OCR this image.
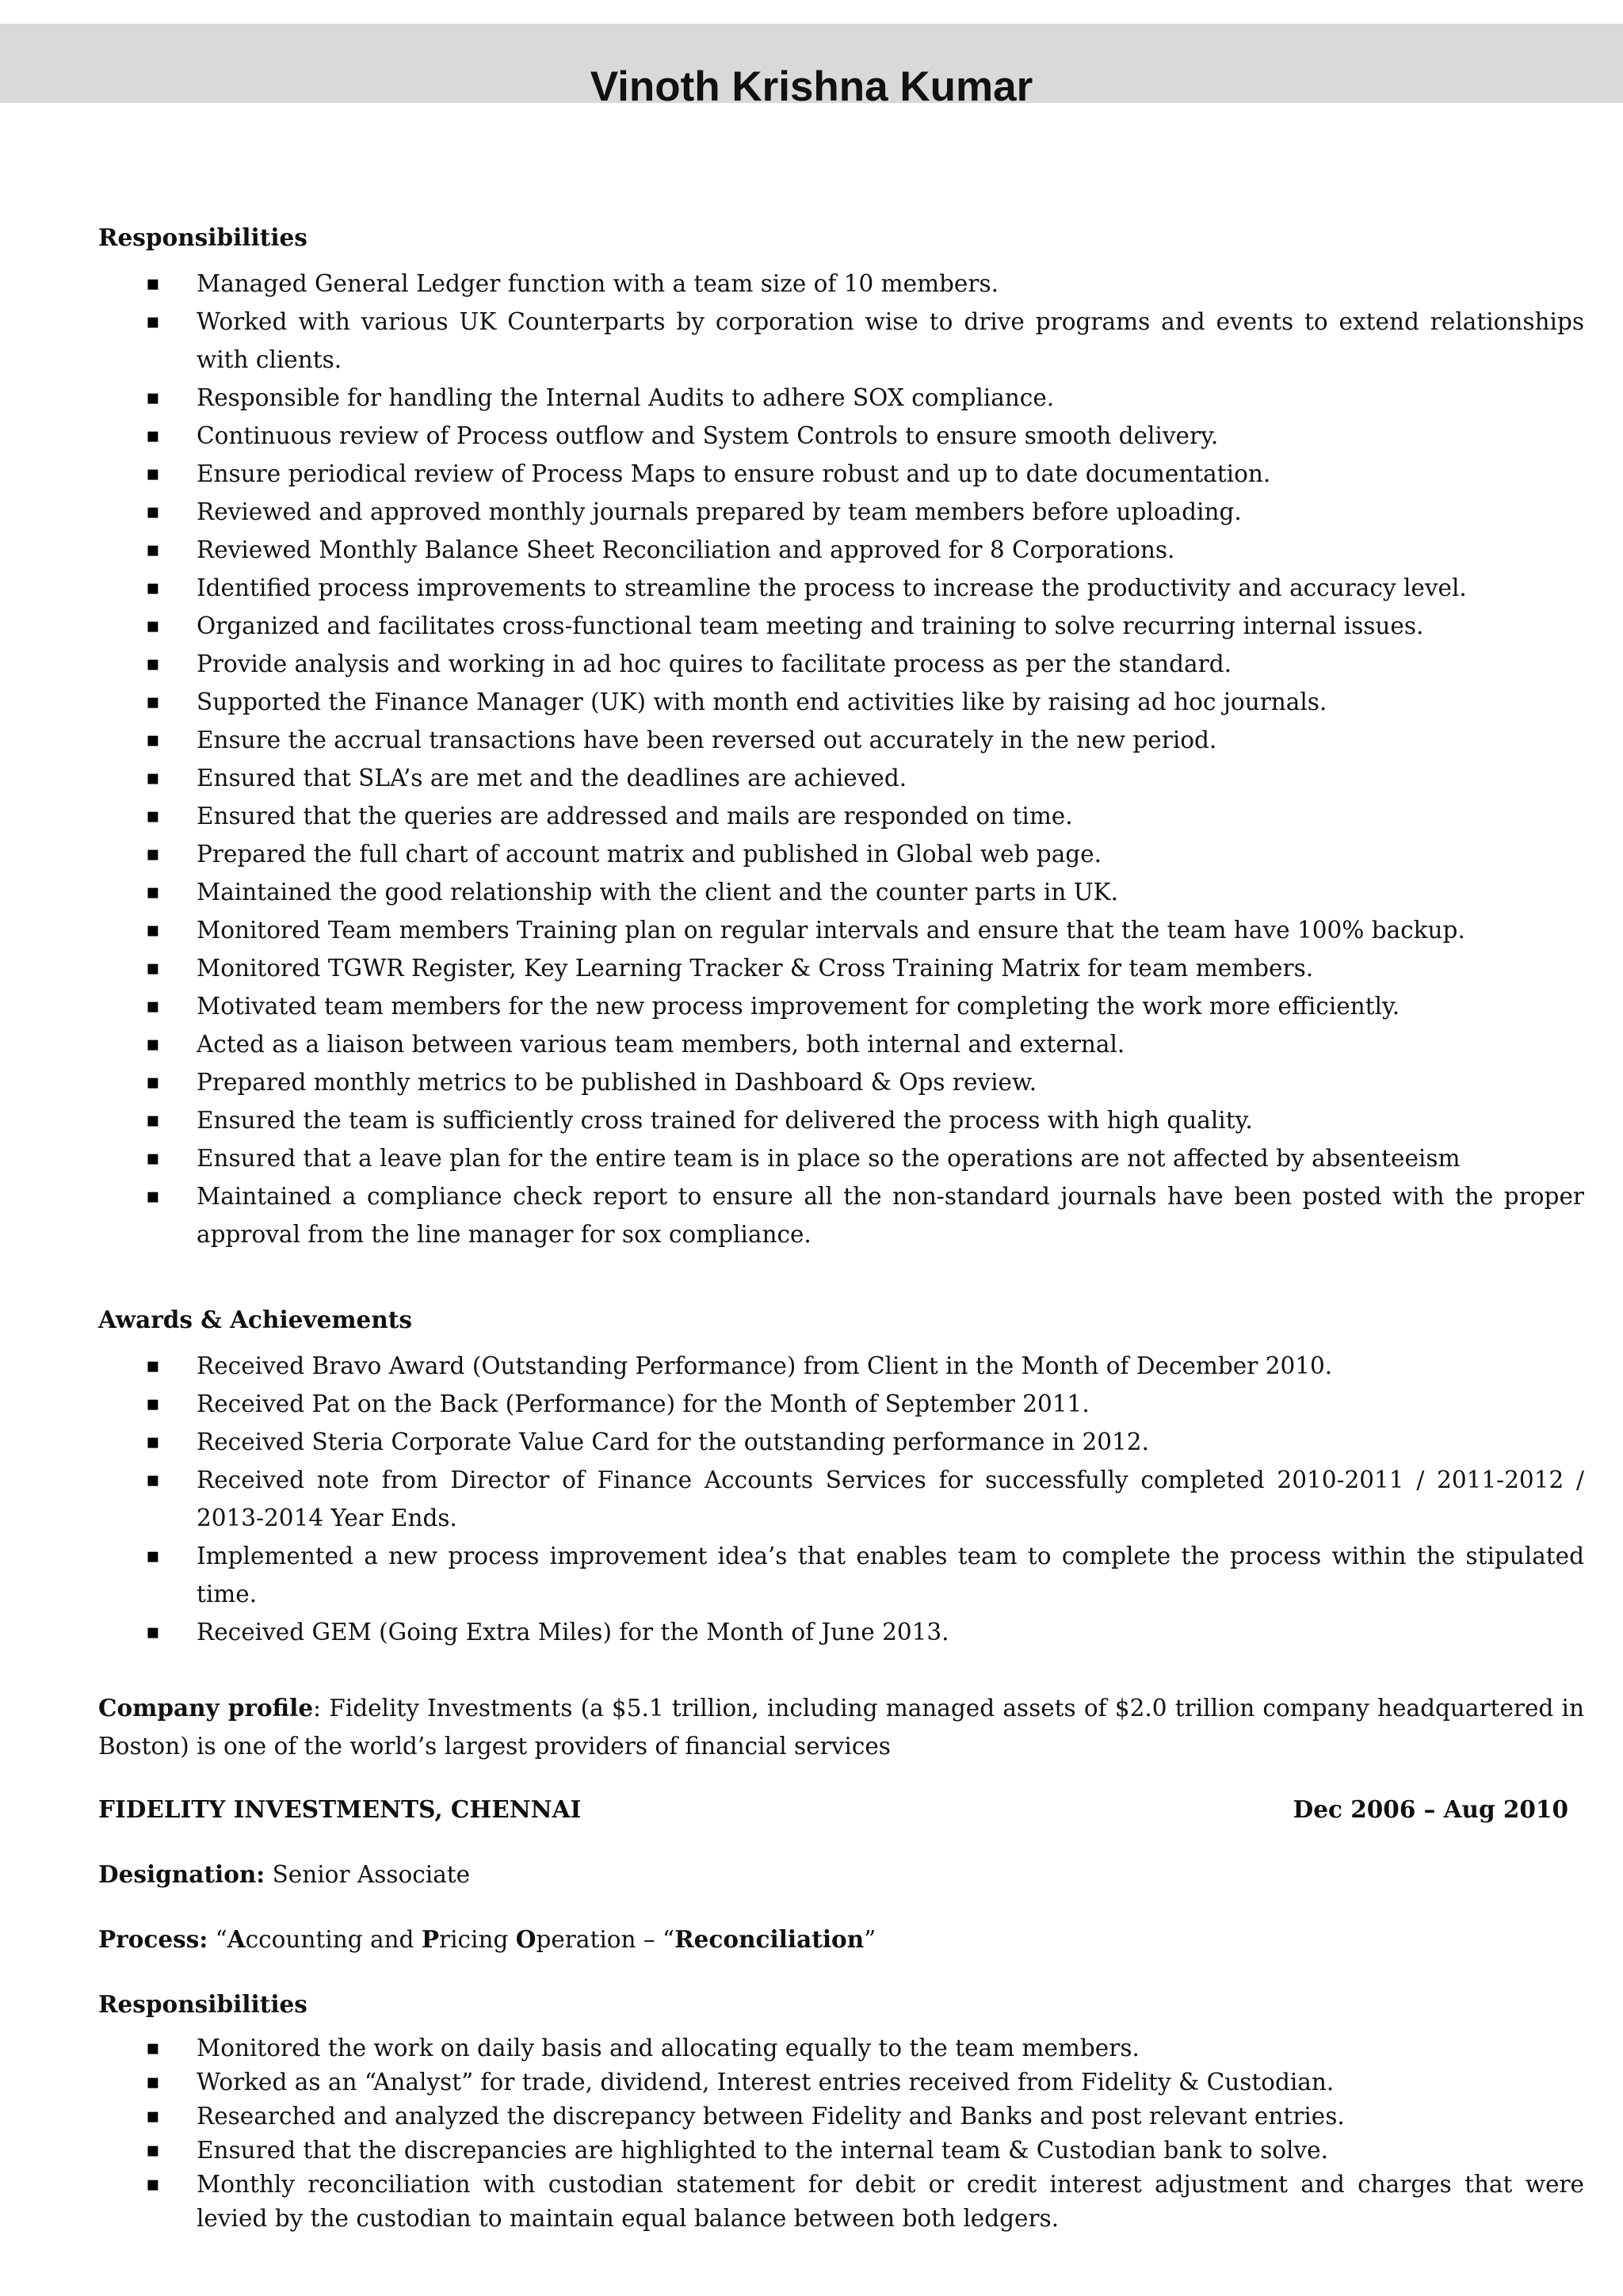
Vinoth Krishna Kumar

Responsibilities

▪ Managed General Ledger function with a team size of 10 members.
▪ Worked with various UK Counterparts by corporation wise to drive programs and events to extend relationships with clients.
▪ Responsible for handling the Internal Audits to adhere SOX compliance.
▪ Continuous review of Process outflow and System Controls to ensure smooth delivery.
▪ Ensure periodical review of Process Maps to ensure robust and up to date documentation.
▪ Reviewed and approved monthly journals prepared by team members before uploading.
▪ Reviewed Monthly Balance Sheet Reconciliation and approved for 8 Corporations.
▪ Identified process improvements to streamline the process to increase the productivity and accuracy level.
▪ Organized and facilitates cross-functional team meeting and training to solve recurring internal issues.
▪ Provide analysis and working in ad hoc quires to facilitate process as per the standard.
▪ Supported the Finance Manager (UK) with month end activities like by raising ad hoc journals.
▪ Ensure the accrual transactions have been reversed out accurately in the new period.
▪ Ensured that SLA’s are met and the deadlines are achieved.
▪ Ensured that the queries are addressed and mails are responded on time.
▪ Prepared the full chart of account matrix and published in Global web page.
▪ Maintained the good relationship with the client and the counter parts in UK.
▪ Monitored Team members Training plan on regular intervals and ensure that the team have 100% backup.
▪ Monitored TGWR Register, Key Learning Tracker & Cross Training Matrix for team members.
▪ Motivated team members for the new process improvement for completing the work more efficiently.
▪ Acted as a liaison between various team members, both internal and external.
▪ Prepared monthly metrics to be published in Dashboard & Ops review.
▪ Ensured the team is sufficiently cross trained for delivered the process with high quality.
▪ Ensured that a leave plan for the entire team is in place so the operations are not affected by absenteeism
▪ Maintained a compliance check report to ensure all the non-standard journals have been posted with the proper approval from the line manager for sox compliance.

Awards & Achievements

▪ Received Bravo Award (Outstanding Performance) from Client in the Month of December 2010.
▪ Received Pat on the Back (Performance) for the Month of September 2011.
▪ Received Steria Corporate Value Card for the outstanding performance in 2012.
▪ Received note from Director of Finance Accounts Services for successfully completed 2010-2011 / 2011-2012 / 2013-2014 Year Ends.
▪ Implemented a new process improvement idea’s that enables team to complete the process within the stipulated time.
▪ Received GEM (Going Extra Miles) for the Month of June 2013.

Company profile: Fidelity Investments (a $5.1 trillion, including managed assets of $2.0 trillion company headquartered in Boston) is one of the world’s largest providers of financial services

FIDELITY INVESTMENTS, CHENNAI	Dec 2006 – Aug 2010

Designation: Senior Associate

Process: “Accounting and Pricing Operation – “Reconciliation”

Responsibilities

▪ Monitored the work on daily basis and allocating equally to the team members.
▪ Worked as an “Analyst” for trade, dividend, Interest entries received from Fidelity & Custodian.
▪ Researched and analyzed the discrepancy between Fidelity and Banks and post relevant entries.
▪ Ensured that the discrepancies are highlighted to the internal team & Custodian bank to solve.
▪ Monthly reconciliation with custodian statement for debit or credit interest adjustment and charges that were levied by the custodian to maintain equal balance between both ledgers.
